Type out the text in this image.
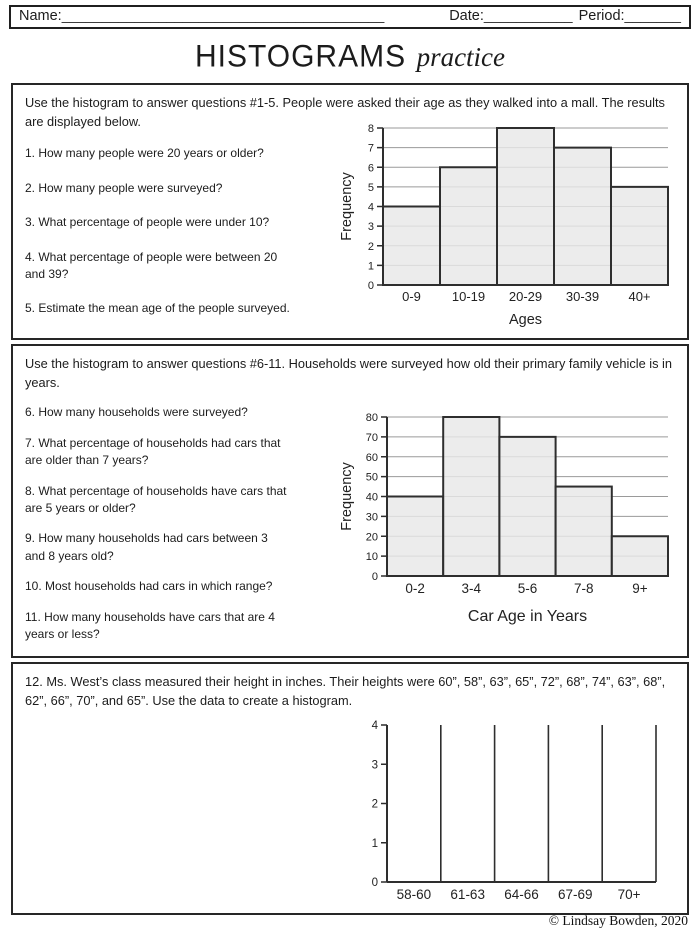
Name: ________________________________________	Date: ___________ Period: _______
HISTOGRAMS practice

Use the histogram to answer questions #1-5. People were asked their age as they walked into a mall. The results are displayed below.

1. How many people were 20 years or older?
2. How many people were surveyed?
3. What percentage of people were under 10?
4. What percentage of people were between 20 and 39?
5. Estimate the mean age of the people surveyed.
0
1
2
3
4
5
6
7
8
0-9 10-19 20-29 30-39 40+
Ages
Frequency

Use the histogram to answer questions #6-11. Households were surveyed how old their primary family vehicle is in years.

6. How many households were surveyed?
7. What percentage of households had cars that are older than 7 years?
8. What percentage of households have cars that are 5 years or older?
9. How many households had cars between 3 and 8 years old?
10. Most households had cars in which range?
11. How many households have cars that are 4 years or less?
0
10
20
30
40
50
60
70
80
0-2	3-4	5-6	7-8	9+
Car Age in Years
Frequency

12. Ms. West’s class measured their height in inches. Their heights were 60”, 58”, 63”, 65”, 72”, 68”, 74”, 63”, 68”, 62”, 66”, 70”, and 65”. Use the data to create a histogram.

0
1
2
3
4
58-60 61-63 64-66 67-69 70+
© Lindsay Bowden, 2020
